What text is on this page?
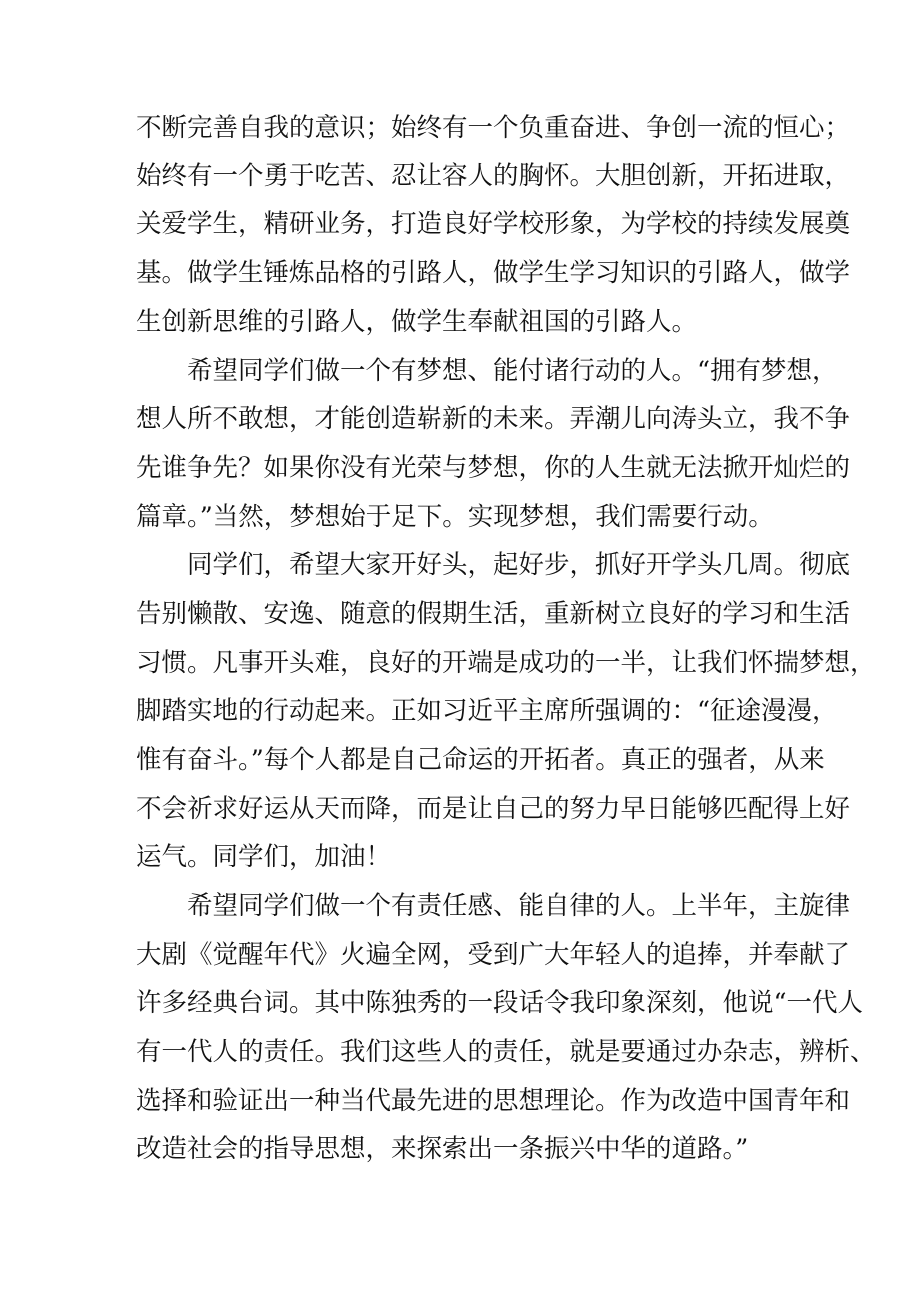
不断完善自我的意识；始终有一个负重奋进、争创一流的恒心；
始终有一个勇于吃苦、忍让容人的胸怀。大胆创新，开拓进取，
关爱学生，精研业务，打造良好学校形象，为学校的持续发展奠
基。做学生锤炼品格的引路人，做学生学习知识的引路人，做学
生创新思维的引路人，做学生奉献祖国的引路人。
希望同学们做一个有梦想、能付诸行动的人。“拥有梦想，
想人所不敢想，才能创造崭新的未来。弄潮儿向涛头立，我不争
先谁争先？如果你没有光荣与梦想，你的人生就无法掀开灿烂的
篇章。”当然，梦想始于足下。实现梦想，我们需要行动。
同学们，希望大家开好头，起好步，抓好开学头几周。彻底
告别懒散、安逸、随意的假期生活，重新树立良好的学习和生活
习惯。凡事开头难，良好的开端是成功的一半，让我们怀揣梦想，
脚踏实地的行动起来。正如习近平主席所强调的：“征途漫漫，
惟有奋斗。”每个人都是自己命运的开拓者。真正的强者，从来
不会祈求好运从天而降，而是让自己的努力早日能够匹配得上好
运气。同学们，加油！
希望同学们做一个有责任感、能自律的人。上半年，主旋律
大剧《觉醒年代》火遍全网，受到广大年轻人的追捧，并奉献了
许多经典台词。其中陈独秀的一段话令我印象深刻，他说“一代人
有一代人的责任。我们这些人的责任，就是要通过办杂志，辨析、
选择和验证出一种当代最先进的思想理论。作为改造中国青年和
改造社会的指导思想，来探索出一条振兴中华的道路。”
